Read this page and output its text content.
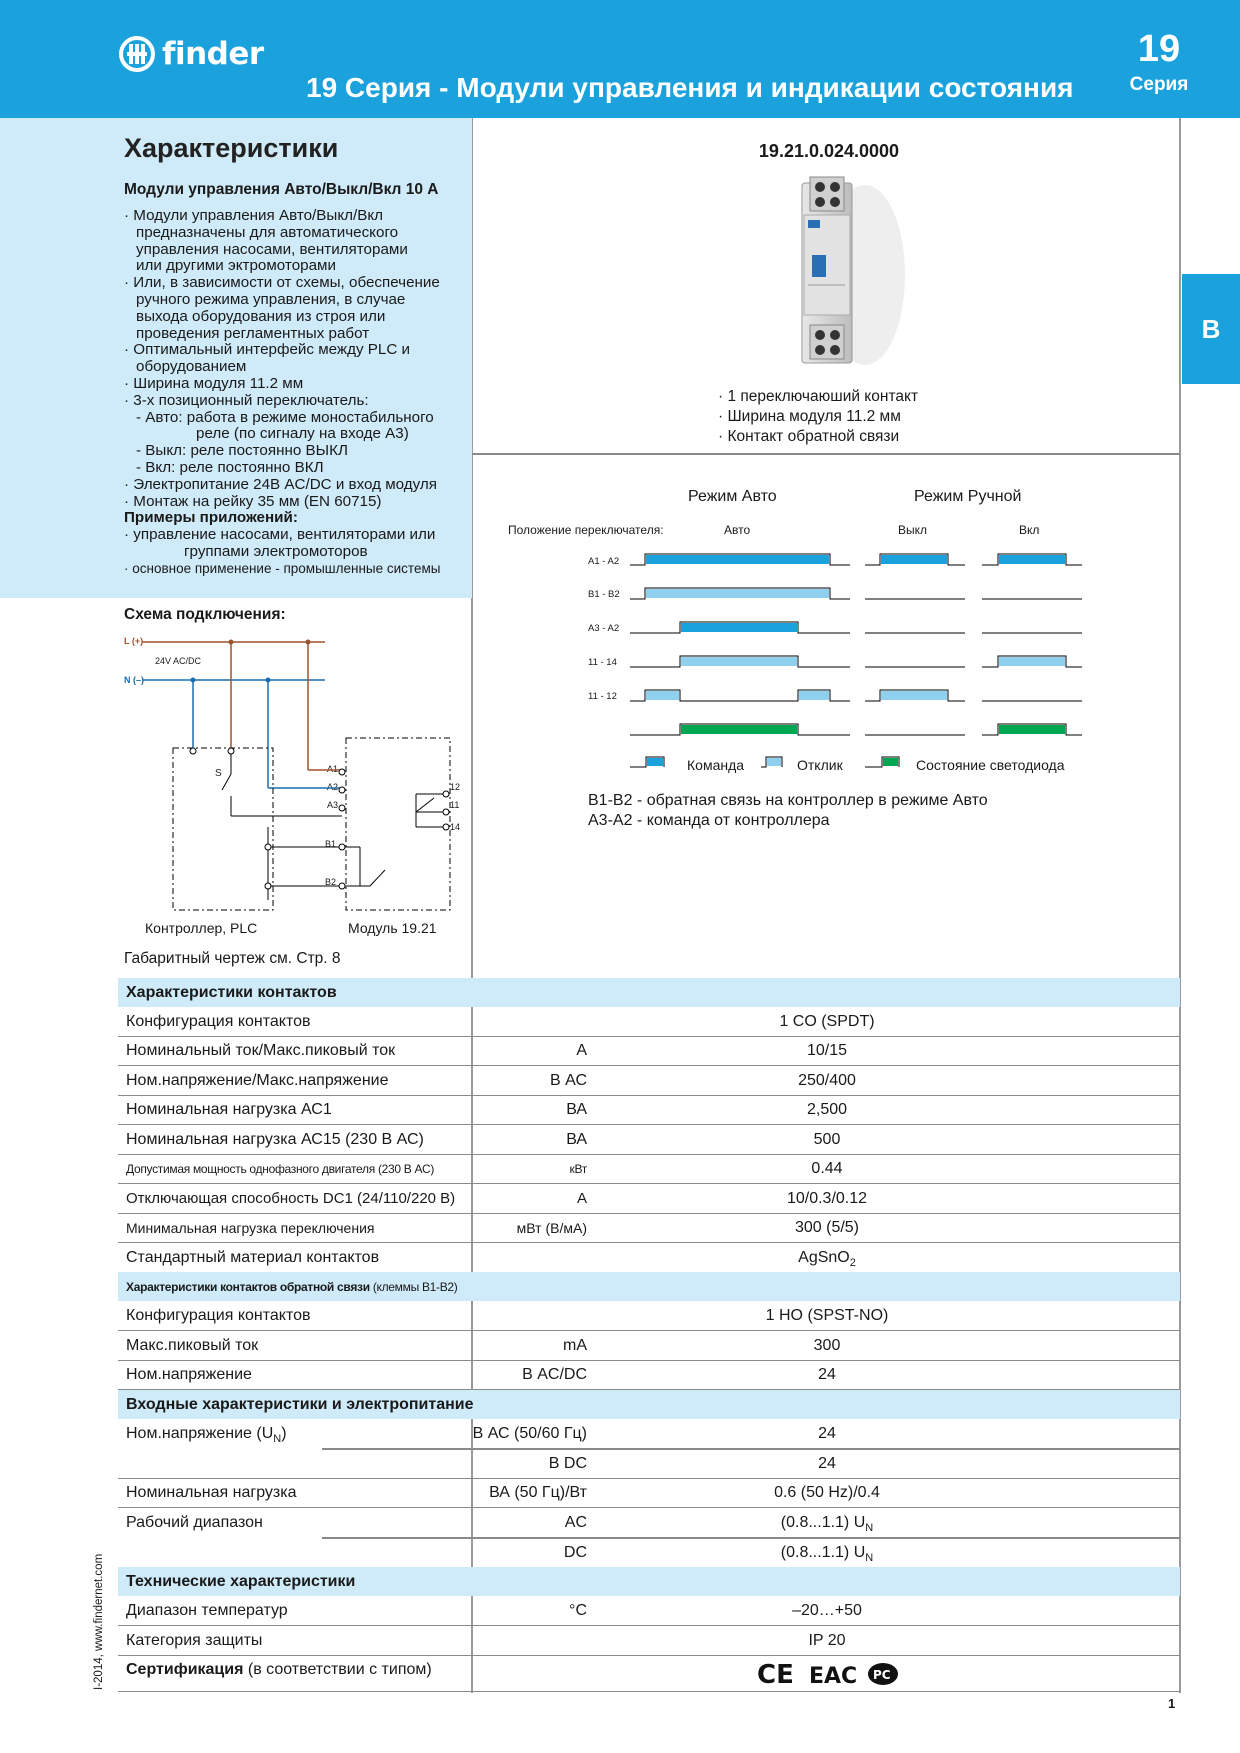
finder
19 Серия - Модули управления и индикации состояния
19
Серия
B
Характеристики
Модули управления Авто/Выкл/Вкл 10 А
· Модули управления Авто/Выкл/Вкл
предназначены для автоматического
управления насосами, вентиляторами
или другими эктромоторами
· Или, в зависимости от схемы, обеспечение
ручного режима управления, в случае
выхода оборудования из строя или
проведения регламентных работ
· Оптимальный интерфейс между PLC и
оборудованием
· Ширина модуля 11.2 мм
· 3-х позиционный переключатель:
- Авто: работа в режиме моностабильного
реле (по сигналу на входе А3)
- Выкл: реле постоянно ВЫКЛ
- Вкл: реле постоянно ВКЛ
· Электропитание 24В AC/DC и вход модуля
· Монтаж на рейку 35 мм (EN 60715)
Примеры приложений:
· управление насосами, вентиляторами или
группами электромоторов
· основное применение - промышленные системы
19.21.0.024.0000
· 1 переключаюший контакт
· Ширина модуля 11.2 мм
· Контакт обратной связи
Режим Авто	Режим Ручной
Положение переключателя:	Авто	Выкл	Вкл
A1 - A2
B1 - B2
A3 - A2
11 - 14
11 - 12
Команда	Отклик	Состояние светодиода
В1-В2 - обратная связь на контроллер в режиме Авто
А3-А2 - команда от контроллера
Схема подключения:
L (+)
N (–)
24V AC/DC
S	A1
A2
A3
B1
B2
12
11
14
Контроллер, PLC	Модуль 19.21
Габаритный чертеж см. Стр. 8
Характеристики контактов
Конфигурация контактов	1 CO (SPDT)
Номинальный ток/Макс.пиковый ток	А	10/15
Ном.напряжение/Макс.напряжение	В АС	250/400
Номинальная нагрузка АС1	ВА	2,500
Номинальная нагрузка АС15 (230 В АС)	ВА	500
Допустимая мощность однофазного двигателя (230 В АС)	кВт	0.44
Отключающая способность DC1 (24/110/220 В)	A	10/0.3/0.12
Минимальная нагрузка переключения	мВт (В/мА)	300 (5/5)
Стандартный материал контактов	AgSnO$_2$
Характеристики контактов обратной связи (клеммы В1-В2)
Конфигурация контактов	1 НО (SPST-NO)
Макс.пиковый ток	mA	300
Ном.напряжение	В AC/DC	24
Входные характеристики и электропитание
Ном.напряжение $(U_N)$	В АС (50/60 Гц)	24
В DC	24
Номинальная нагрузка	ВА (50 Гц)/Вт	0.6 (50 Hz)/0.4
Рабочий диапазон	AC	(0.8...1.1) $U_N$
DC	(0.8...1.1) $U_N$
Технические характеристики
Диапазон температур	°C	–20…+50
Категория защиты	IP 20
Сертификация (в соответствии с типом)	CE EAC PC
I-2014, www.findernet.com
1
